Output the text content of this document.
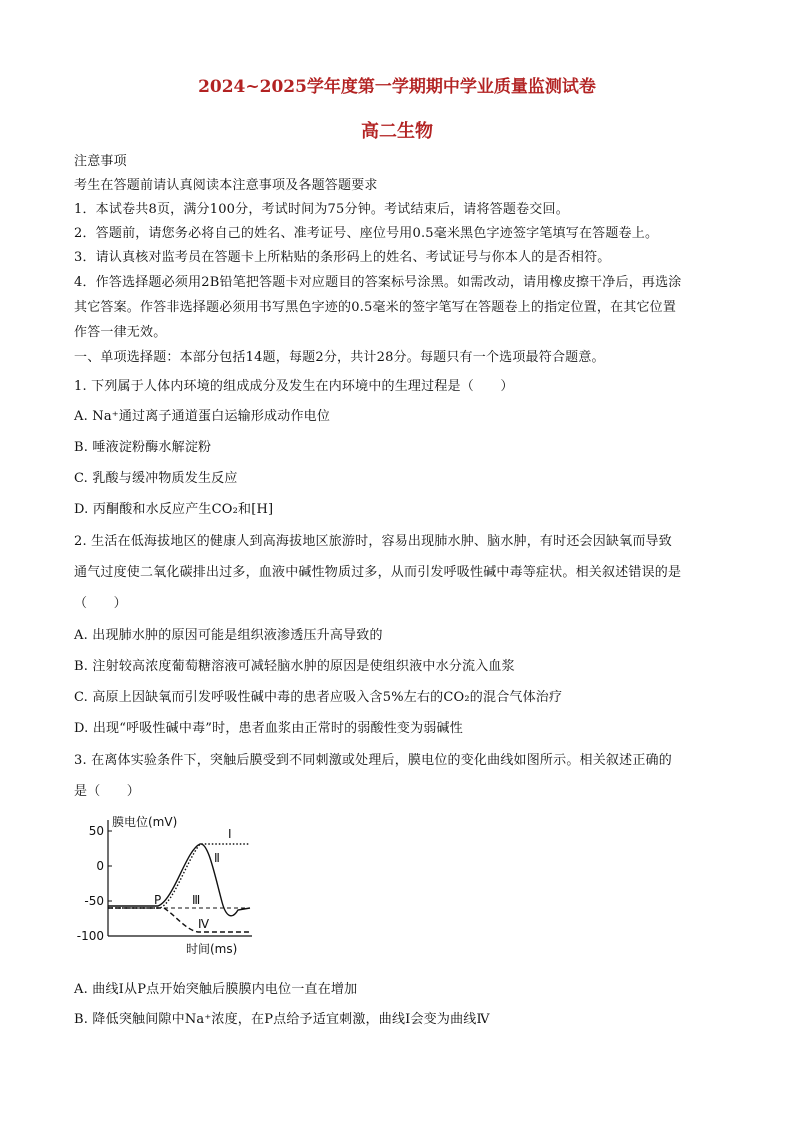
2024~2025学年度第一学期期中学业质量监测试卷
高二生物
注意事项
考生在答题前请认真阅读本注意事项及各题答题要求
1．本试卷共8页，满分100分，考试时间为75分钟。考试结束后，请将答题卷交回。
2．答题前，请您务必将自己的姓名、准考证号、座位号用0.5毫米黑色字迹签字笔填写在答题卷上。
3．请认真核对监考员在答题卡上所粘贴的条形码上的姓名、考试证号与你本人的是否相符。
4．作答选择题必须用2B铅笔把答题卡对应题目的答案标号涂黑。如需改动，请用橡皮擦干净后，再选涂
其它答案。作答非选择题必须用书写黑色字迹的0.5毫米的签字笔写在答题卷上的指定位置，在其它位置
作答一律无效。
一、单项选择题：本部分包括14题，每题2分，共计28分。每题只有一个选项最符合题意。
1. 下列属于人体内环境的组成成分及发生在内环境中的生理过程是（　　）
A. Na⁺通过离子通道蛋白运输形成动作电位
B. 唾液淀粉酶水解淀粉
C. 乳酸与缓冲物质发生反应
D. 丙酮酸和水反应产生CO₂和[H]
2. 生活在低海拔地区的健康人到高海拔地区旅游时，容易出现肺水肿、脑水肿，有时还会因缺氧而导致
通气过度使二氧化碳排出过多，血液中碱性物质过多，从而引发呼吸性碱中毒等症状。相关叙述错误的是
（　　）
A. 出现肺水肿的原因可能是组织液渗透压升高导致的
B. 注射较高浓度葡萄糖溶液可减轻脑水肿的原因是使组织液中水分流入血浆
C. 高原上因缺氧而引发呼吸性碱中毒的患者应吸入含5%左右的CO₂的混合气体治疗
D. 出现“呼吸性碱中毒”时，患者血浆由正常时的弱酸性变为弱碱性
3. 在离体实验条件下，突触后膜受到不同刺激或处理后，膜电位的变化曲线如图所示。相关叙述正确的
是（　　）
50
0
-50
-100
膜电位(mV)
时间(ms)
P
Ⅰ
Ⅱ
Ⅲ
Ⅳ
A. 曲线Ⅰ从P点开始突触后膜膜内电位一直在增加
B. 降低突触间隙中Na⁺浓度，在P点给予适宜刺激，曲线Ⅰ会变为曲线Ⅳ
